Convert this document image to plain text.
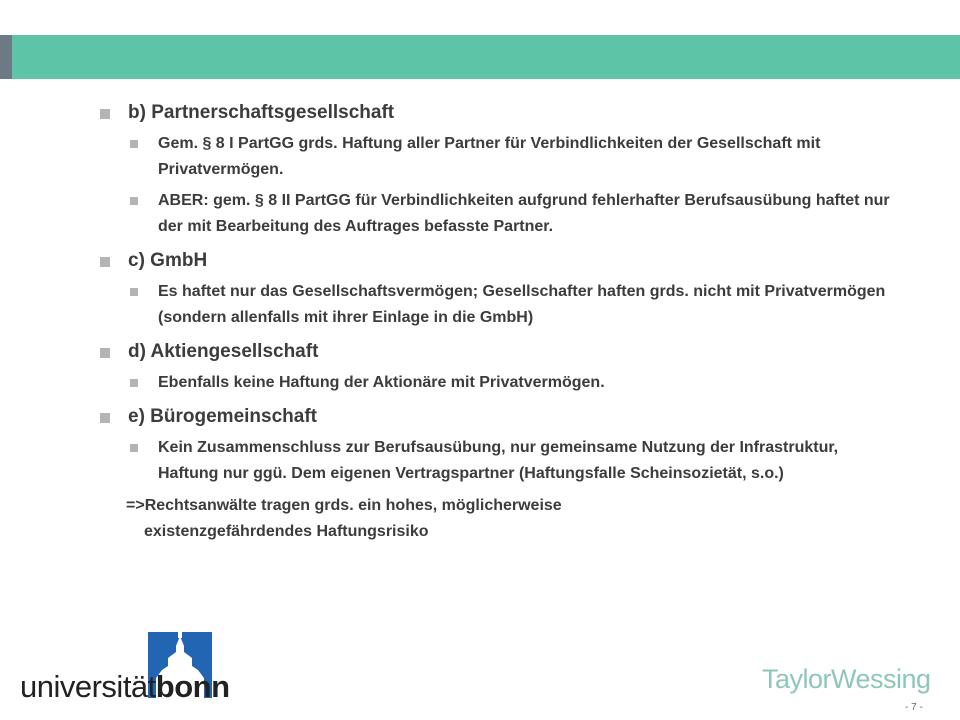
b) Partnerschaftsgesellschaft
Gem. § 8 I PartGG grds. Haftung aller Partner für Verbindlichkeiten der Gesellschaft mit Privatvermögen.
ABER: gem. § 8 II PartGG für Verbindlichkeiten aufgrund fehlerhafter Berufsausübung haftet nur der mit Bearbeitung des Auftrages befasste Partner.
c) GmbH
Es haftet nur das Gesellschaftsvermögen; Gesellschafter haften grds. nicht mit Privatvermögen (sondern allenfalls mit ihrer Einlage in die GmbH)
d) Aktiengesellschaft
Ebenfalls keine Haftung der Aktionäre mit Privatvermögen.
e) Bürogemeinschaft
Kein Zusammenschluss zur Berufsausübung, nur gemeinsame Nutzung der Infrastruktur, Haftung nur ggü. Dem eigenen Vertragspartner (Haftungsfalle Scheinsozietät, s.o.)
=>Rechtsanwälte tragen grds. ein hohes, möglicherweise
existenzgefährdendes Haftungsrisiko
universitätbonn	TaylorWessing
- 7 -
